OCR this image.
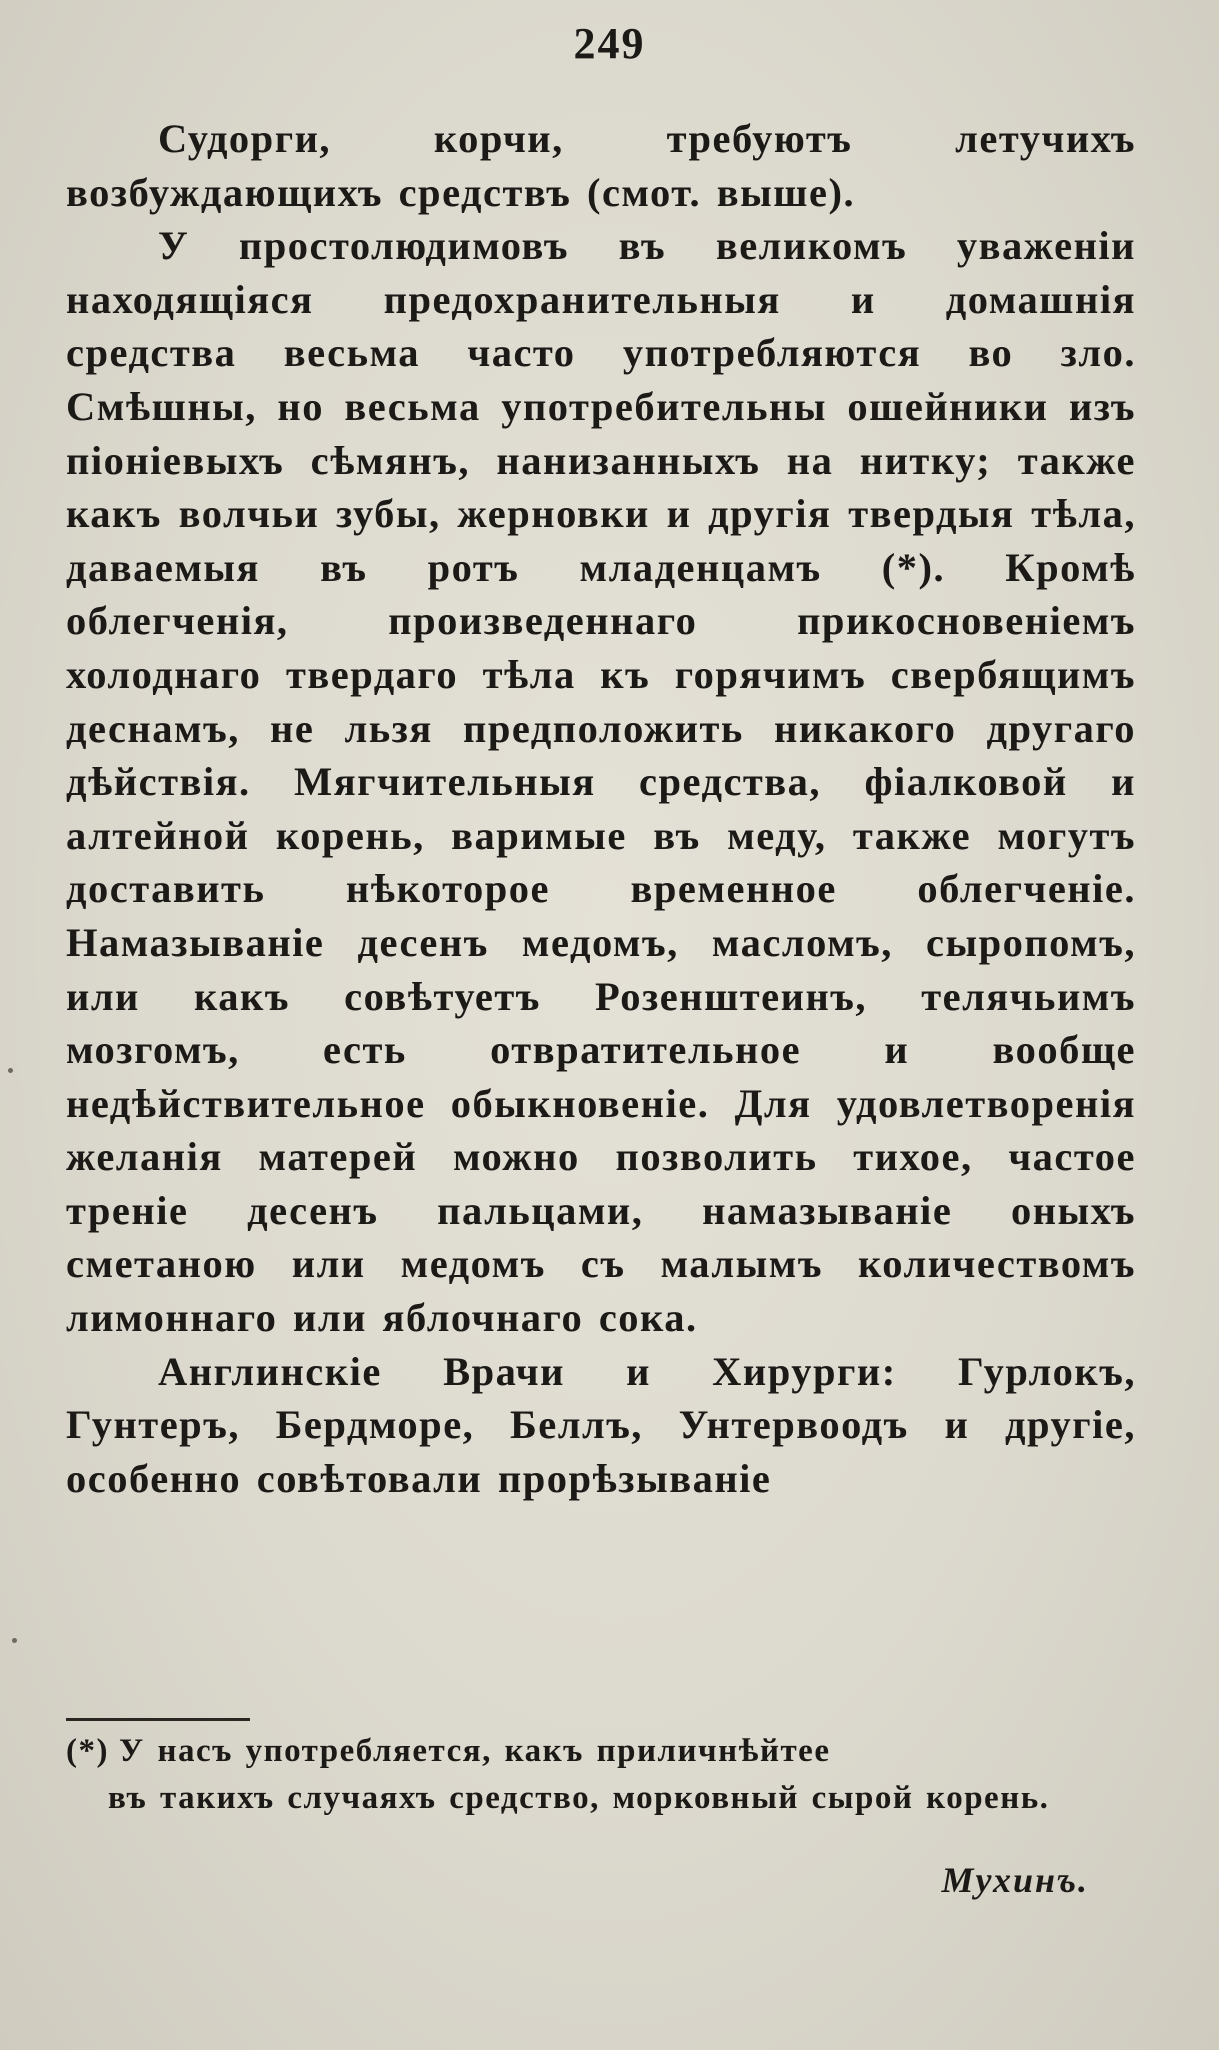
249

Судорги, корчи, требуютъ летучихъ возбуждающихъ средствъ (смот. выше).

У простолюдимовъ въ великомъ уваженіи находящіяся предохранительныя и домашнія средства весьма часто употребляются во зло. Смѣшны, но весьма употребительны ошейники изъ піоніевыхъ сѣмянъ, нанизанныхъ на нитку; также какъ волчьи зубы, жерновки и другія твердыя тѣла, даваемыя въ ротъ младенцамъ (*). Кромѣ облегченія, произведеннаго прикосновеніемъ холоднаго твердаго тѣла къ горячимъ свербящимъ деснамъ, не льзя предположить никакого другаго дѣйствія. Мягчительныя средства, фіалковой и алтейной корень, варимые въ меду, также могутъ доставить нѣкоторое временное облегченіе. Намазываніе десенъ медомъ, масломъ, сыропомъ, или какъ совѣтуетъ Розенштеинъ, телячьимъ мозгомъ, есть отвратительное и вообще недѣйствительное обыкновеніе. Для удовлетворенія желанія матерей можно позволить тихое, частое треніе десенъ пальцами, намазываніе оныхъ сметаною или медомъ съ малымъ количествомъ лимоннаго или яблочнаго сока.

Англинскіе Врачи и Хирурги: Гурлокъ, Гунтеръ, Бердморе, Беллъ, Унтервоодъ и другіе, особенно совѣтовали прорѣзываніе

(*) У насъ употребляется, какъ приличнѣйтее
въ такихъ случаяхъ средство, морковный сырой корень.
Мухинъ.
